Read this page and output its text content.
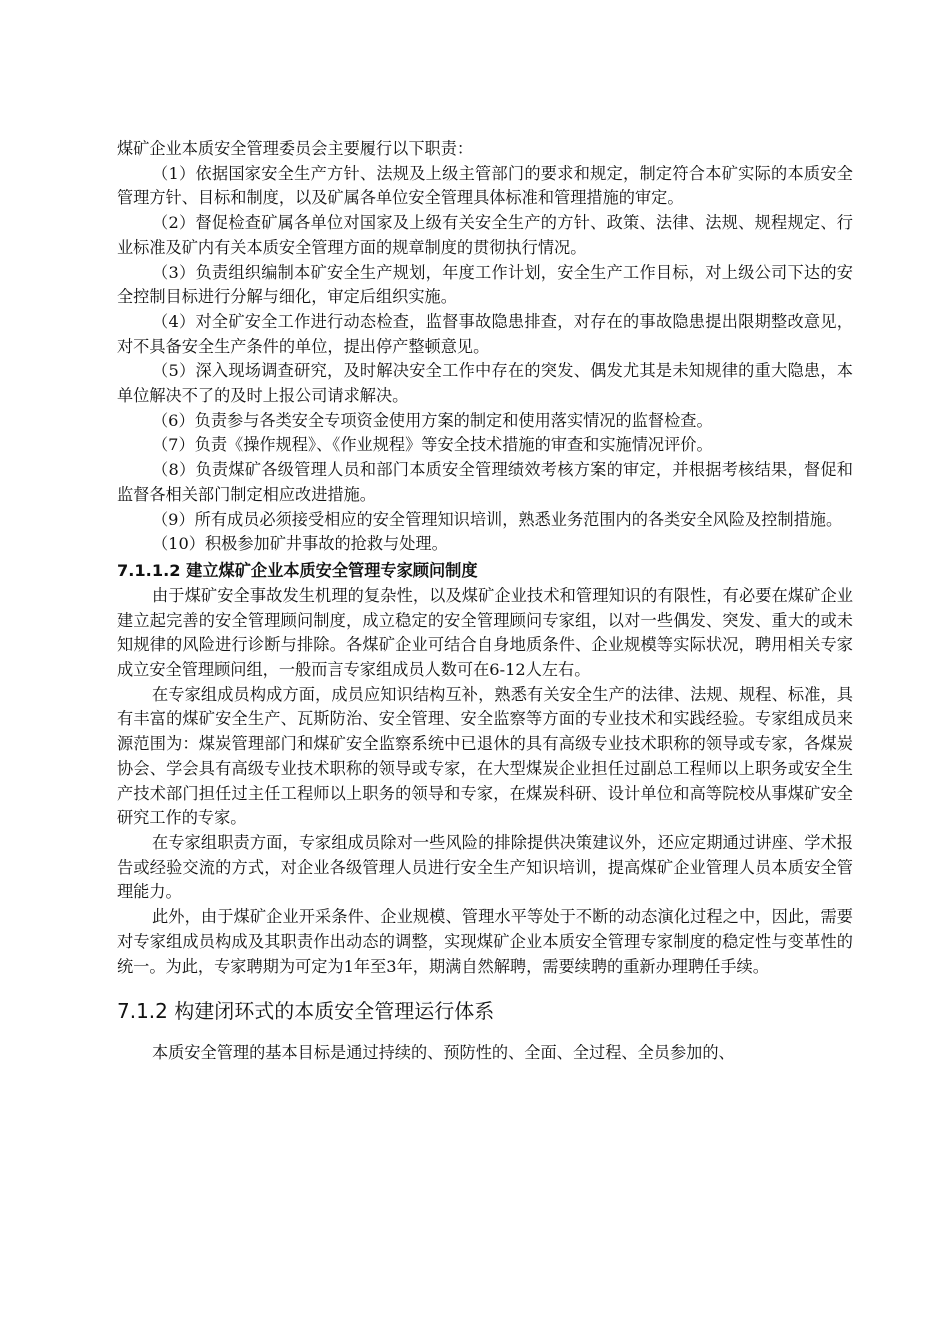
煤矿企业本质安全管理委员会主要履行以下职责：

（1）依据国家安全生产方针、法规及上级主管部门的要求和规定，制定符合本矿实际的本质安全管理方针、目标和制度，以及矿属各单位安全管理具体标准和管理措施的审定。

（2）督促检查矿属各单位对国家及上级有关安全生产的方针、政策、法律、法规、规程规定、行业标准及矿内有关本质安全管理方面的规章制度的贯彻执行情况。

（3）负责组织编制本矿安全生产规划，年度工作计划，安全生产工作目标，对上级公司下达的安全控制目标进行分解与细化，审定后组织实施。

（4）对全矿安全工作进行动态检查，监督事故隐患排查，对存在的事故隐患提出限期整改意见，对不具备安全生产条件的单位，提出停产整顿意见。

（5）深入现场调查研究，及时解决安全工作中存在的突发、偶发尤其是未知规律的重大隐患，本单位解决不了的及时上报公司请求解决。

（6）负责参与各类安全专项资金使用方案的制定和使用落实情况的监督检查。

（7）负责《操作规程》、《作业规程》等安全技术措施的审查和实施情况评价。

（8）负责煤矿各级管理人员和部门本质安全管理绩效考核方案的审定，并根据考核结果，督促和监督各相关部门制定相应改进措施。

（9）所有成员必须接受相应的安全管理知识培训，熟悉业务范围内的各类安全风险及控制措施。

（10）积极参加矿井事故的抢救与处理。

7.1.1.2 建立煤矿企业本质安全管理专家顾问制度

由于煤矿安全事故发生机理的复杂性，以及煤矿企业技术和管理知识的有限性，有必要在煤矿企业建立起完善的安全管理顾问制度，成立稳定的安全管理顾问专家组，以对一些偶发、突发、重大的或未知规律的风险进行诊断与排除。各煤矿企业可结合自身地质条件、企业规模等实际状况，聘用相关专家成立安全管理顾问组，一般而言专家组成员人数可在6-12人左右。

在专家组成员构成方面，成员应知识结构互补，熟悉有关安全生产的法律、法规、规程、标准，具有丰富的煤矿安全生产、瓦斯防治、安全管理、安全监察等方面的专业技术和实践经验。专家组成员来源范围为：煤炭管理部门和煤矿安全监察系统中已退休的具有高级专业技术职称的领导或专家，各煤炭协会、学会具有高级专业技术职称的领导或专家，在大型煤炭企业担任过副总工程师以上职务或安全生产技术部门担任过主任工程师以上职务的领导和专家，在煤炭科研、设计单位和高等院校从事煤矿安全研究工作的专家。

在专家组职责方面，专家组成员除对一些风险的排除提供决策建议外，还应定期通过讲座、学术报告或经验交流的方式，对企业各级管理人员进行安全生产知识培训，提高煤矿企业管理人员本质安全管理能力。

此外，由于煤矿企业开采条件、企业规模、管理水平等处于不断的动态演化过程之中，因此，需要对专家组成员构成及其职责作出动态的调整，实现煤矿企业本质安全管理专家制度的稳定性与变革性的统一。为此，专家聘期为可定为1年至3年，期满自然解聘，需要续聘的重新办理聘任手续。

7.1.2 构建闭环式的本质安全管理运行体系

本质安全管理的基本目标是通过持续的、预防性的、全面、全过程、全员参加的、
